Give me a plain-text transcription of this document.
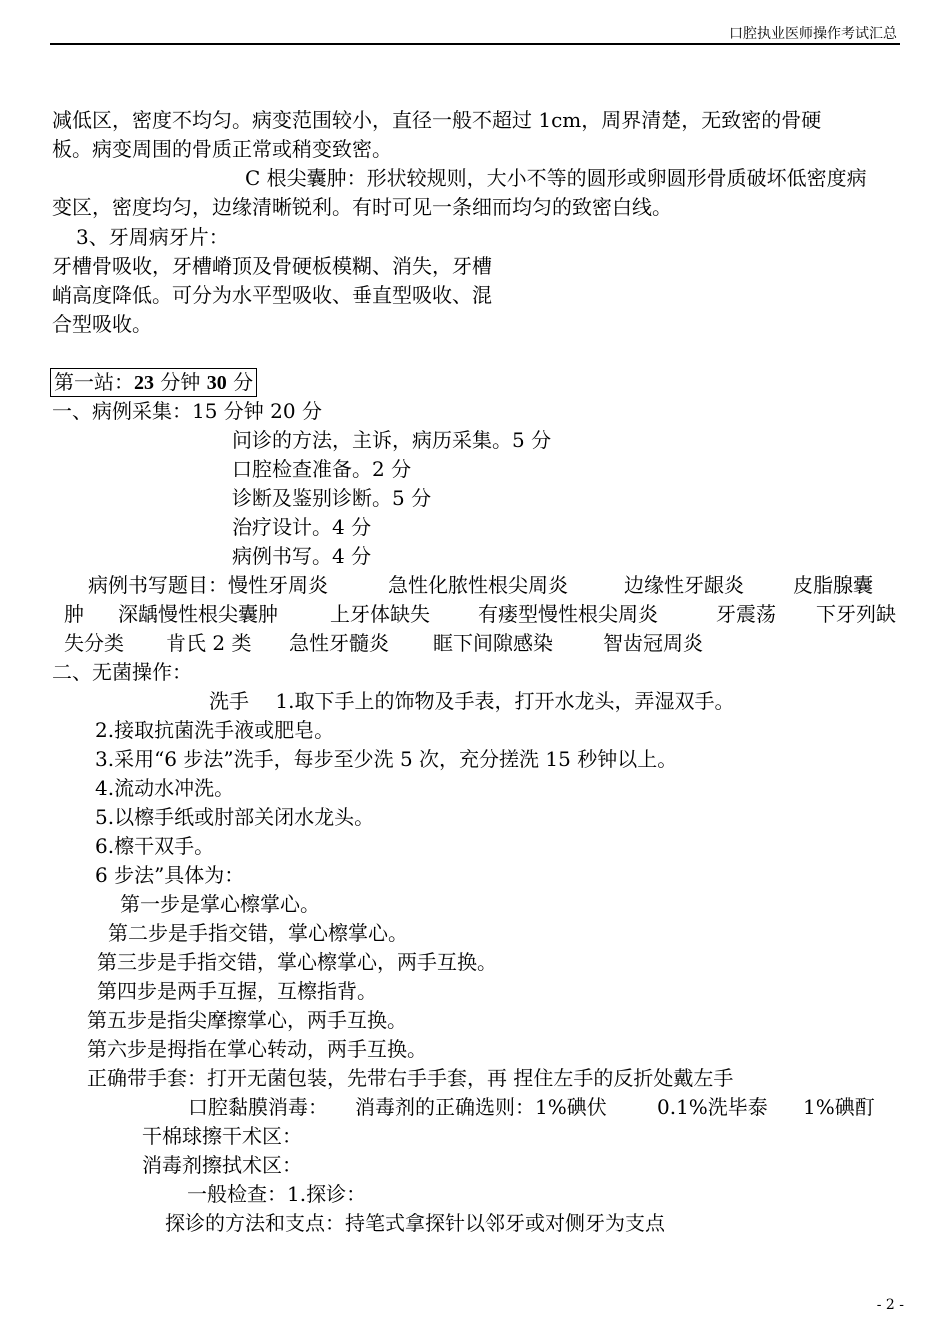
口腔执业医师操作考试汇总
减低区，密度不均匀。病变范围较小，直径一般不超过 1cm，周界清楚，无致密的骨硬
板。病变周围的骨质正常或稍变致密。
C 根尖囊肿：形状较规则，大小不等的圆形或卵圆形骨质破坏低密度病
变区，密度均匀，边缘清晰锐利。有时可见一条细而均匀的致密白线。
3、牙周病牙片：
牙槽骨吸收，牙槽嵴顶及骨硬板模糊、消失，牙槽
峭高度降低。可分为水平型吸收、垂直型吸收、混
合型吸收。
第一站：23 分钟 30 分
一、病例采集：15 分钟 20 分
问诊的方法，主诉，病历采集。5 分
口腔检查准备。2 分
诊断及鉴别诊断。5 分
治疗设计。4 分
病例书写。4 分
病例书写题目：慢性牙周炎	急性化脓性根尖周炎	边缘性牙龈炎 皮脂腺囊
肿 深龋慢性根尖囊肿	上牙体缺失 有瘘型慢性根尖周炎	牙震荡 下牙列缺
失分类 肯氏 2 类 急性牙髓炎 眶下间隙感染	智齿冠周炎
二、无菌操作：
洗手　 1.取下手上的饰物及手表，打开水龙头，弄湿双手。
2.接取抗菌洗手液或肥皂。
3.采用“6 步法”洗手，每步至少洗 5 次，充分搓洗 15 秒钟以上。
4.流动水冲洗。
5.以檫手纸或肘部关闭水龙头。
6.檫干双手。
6 步法”具体为：
第一步是掌心檫掌心。
第二步是手指交错，掌心檫掌心。
第三步是手指交错，掌心檫掌心，两手互换。
第四步是两手互握，互檫指背。
第五步是指尖摩擦掌心，两手互换。
第六步是拇指在掌心转动，两手互换。
正确带手套：打开无菌包装，先带右手手套，再 捏住左手的反折处戴左手
口腔黏膜消毒： 消毒剂的正确选则：1%碘伏	0.1%洗毕泰 1%碘酊
干棉球擦干术区：
消毒剂擦拭术区：
一般检查：1.探诊：
探诊的方法和支点：持笔式拿探针以邻牙或对侧牙为支点
- 2 -
